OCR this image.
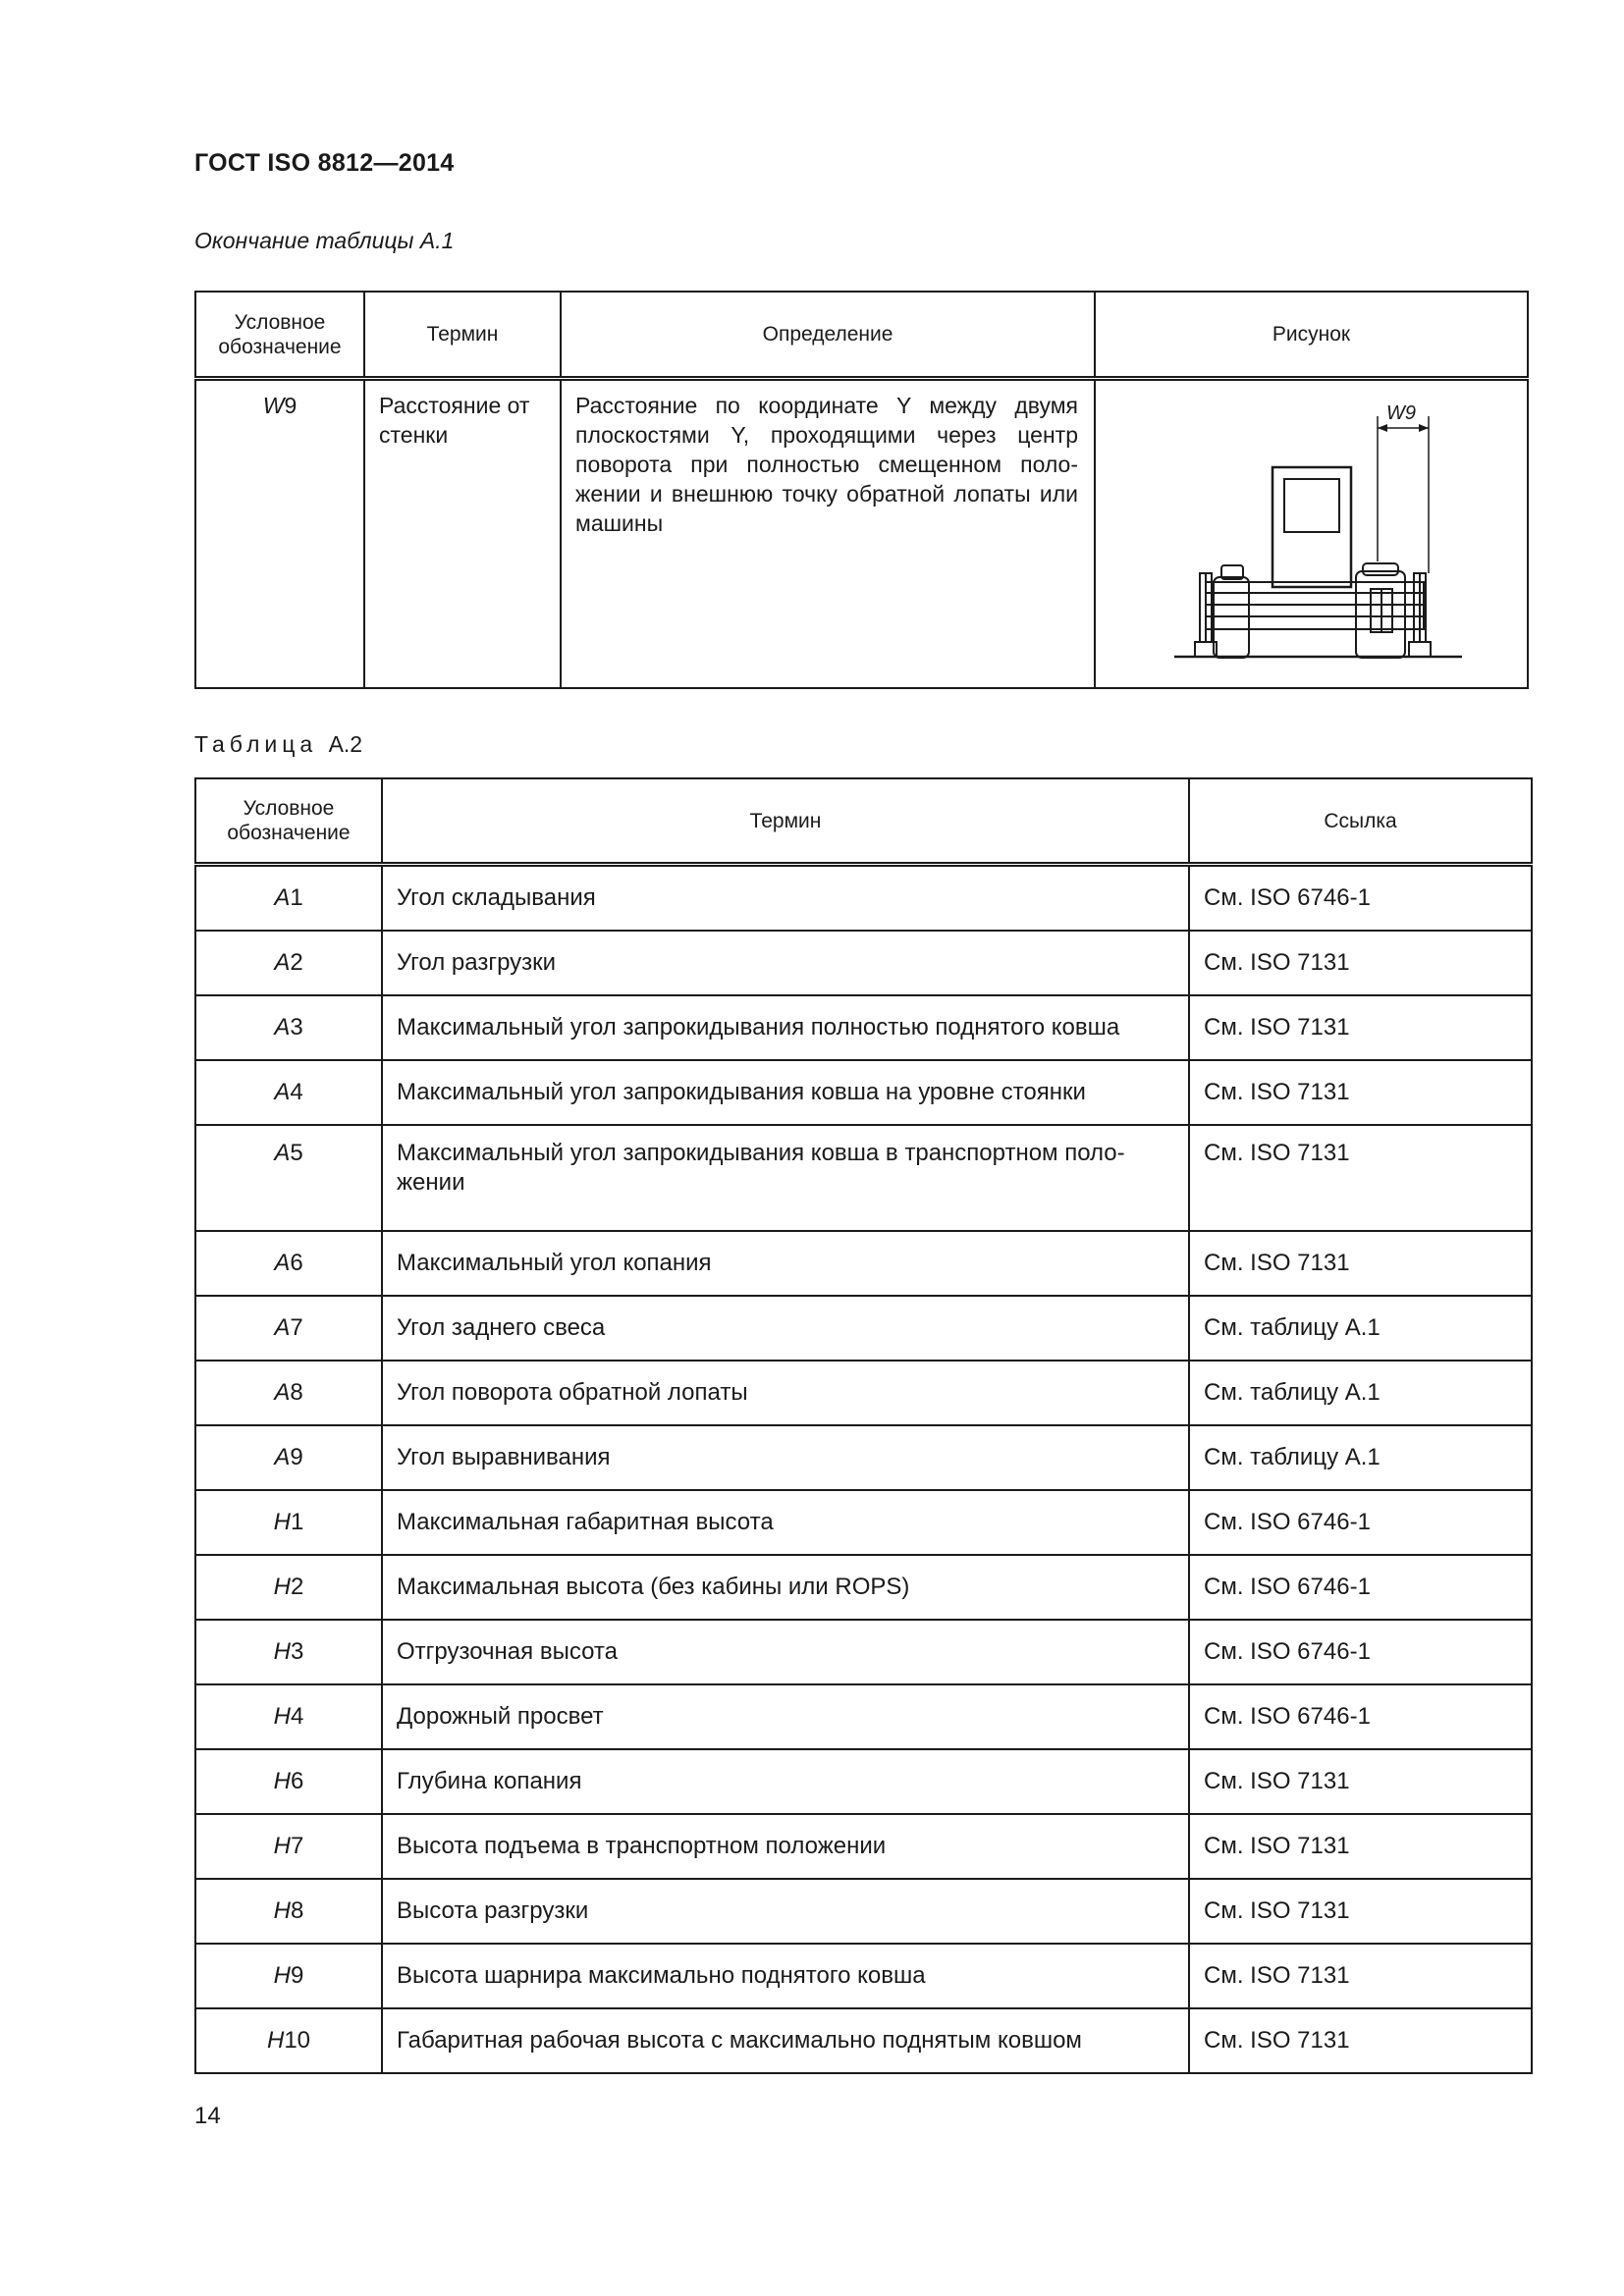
ГОСТ ISO 8812—2014
Окончание таблицы А.1
Условное обозначение	Термин	Определение	Рисунок
W9	Расстояние от стенки	Расстояние по координате Y между двумя плоскостями Y, проходящими через центр поворота при полностью смещенном поло-жении и внешнюю точку обратной лопаты или машины	W9
Таблица А.2
Условное обозначение	Термин	Ссылка
A1	Угол складывания	См. ISO 6746-1
A2	Угол разгрузки	См. ISO 7131
A3	Максимальный угол запрокидывания полностью поднятого ковша	См. ISO 7131
A4	Максимальный угол запрокидывания ковша на уровне стоянки	См. ISO 7131
A5	Максимальный угол запрокидывания ковша в транспортном поло-жении	См. ISO 7131
A6	Максимальный угол копания	См. ISO 7131
A7	Угол заднего свеса	См. таблицу А.1
A8	Угол поворота обратной лопаты	См. таблицу А.1
A9	Угол выравнивания	См. таблицу А.1
H1	Максимальная габаритная высота	См. ISO 6746-1
H2	Максимальная высота (без кабины или ROPS)	См. ISO 6746-1
H3	Отгрузочная высота	См. ISO 6746-1
H4	Дорожный просвет	См. ISO 6746-1
H6	Глубина копания	См. ISO 7131
H7	Высота подъема в транспортном положении	См. ISO 7131
H8	Высота разгрузки	См. ISO 7131
H9	Высота шарнира максимально поднятого ковша	См. ISO 7131
H10	Габаритная рабочая высота с максимально поднятым ковшом	См. ISO 7131
14
